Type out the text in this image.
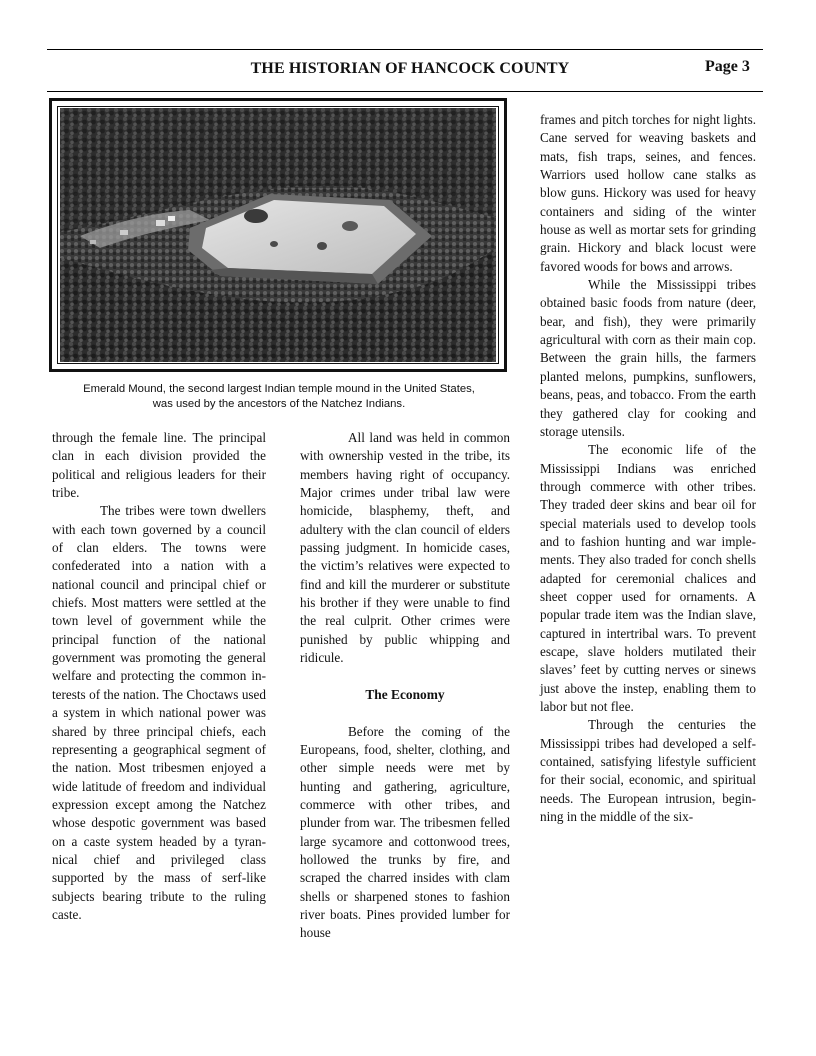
THE HISTORIAN OF HANCOCK COUNTY	Page 3
Emerald Mound, the second largest Indian temple mound in the United States,
was used by the ancestors of the Natchez Indians.

through the female line. The principal clan in each division provided the political and religious leaders for their tribe.

The tribes were town dwellers with each town governed by a council of clan elders. The towns were confederated into a nation with a national council and principal chief or chiefs. Most matters were settled at the town level of government while the principal function of the national government was promoting the general welfare and protecting the common interests of the nation. The Choctaws used a system in which national power was shared by three principal chiefs, each representing a geographical segment of the nation. Most tribesmen enjoyed a wide latitude of freedom and individual expression except among the Natchez whose despotic government was based on a caste system headed by a tyrannical chief and privileged class supported by the mass of serf-like subjects bearing tribute to the ruling caste.

All land was held in common with ownership vested in the tribe, its members having right of occupancy. Major crimes under tribal law were homicide, blasphemy, theft, and adultery with the clan council of elders passing judgment. In homicide cases, the victim’s relatives were expected to find and kill the murderer or substitute his brother if they were unable to find the real culprit. Other crimes were punished by public whipping and ridicule.

The Economy

Before the coming of the Europeans, food, shelter, clothing, and other simple needs were met by hunting and gathering, agriculture, commerce with other tribes, and plunder from war. The tribesmen felled large sycamore and cottonwood trees, hollowed the trunks by fire, and scraped the charred insides with clam shells or sharpened stones to fashion river boats. Pines provided lumber for house

frames and pitch torches for night lights. Cane served for weaving baskets and mats, fish traps, seines, and fences. Warriors used hollow cane stalks as blow guns. Hickory was used for heavy containers and siding of the winter house as well as mortar sets for grinding grain. Hickory and black locust were favored woods for bows and arrows.

While the Mississippi tribes obtained basic foods from nature (deer, bear, and fish), they were primarily agricultural with corn as their main cop. Between the grain hills, the farmers planted melons, pumpkins, sunflowers, beans, peas, and tobacco. From the earth they gathered clay for cooking and storage utensils.

The economic life of the Mississippi Indians was enriched through commerce with other tribes. They traded deer skins and bear oil for special materials used to develop tools and to fashion hunting and war implements. They also traded for conch shells adapted for ceremonial chalices and sheet copper used for ornaments. A popular trade item was the Indian slave, captured in intertribal wars. To prevent escape, slave holders mutilated their slaves’ feet by cutting nerves or sinews just above the instep, enabling them to labor but not flee.

Through the centuries the Mississippi tribes had developed a self-contained, satisfying lifestyle sufficient for their social, economic, and spiritual needs. The European intrusion, beginning in the middle of the six-
